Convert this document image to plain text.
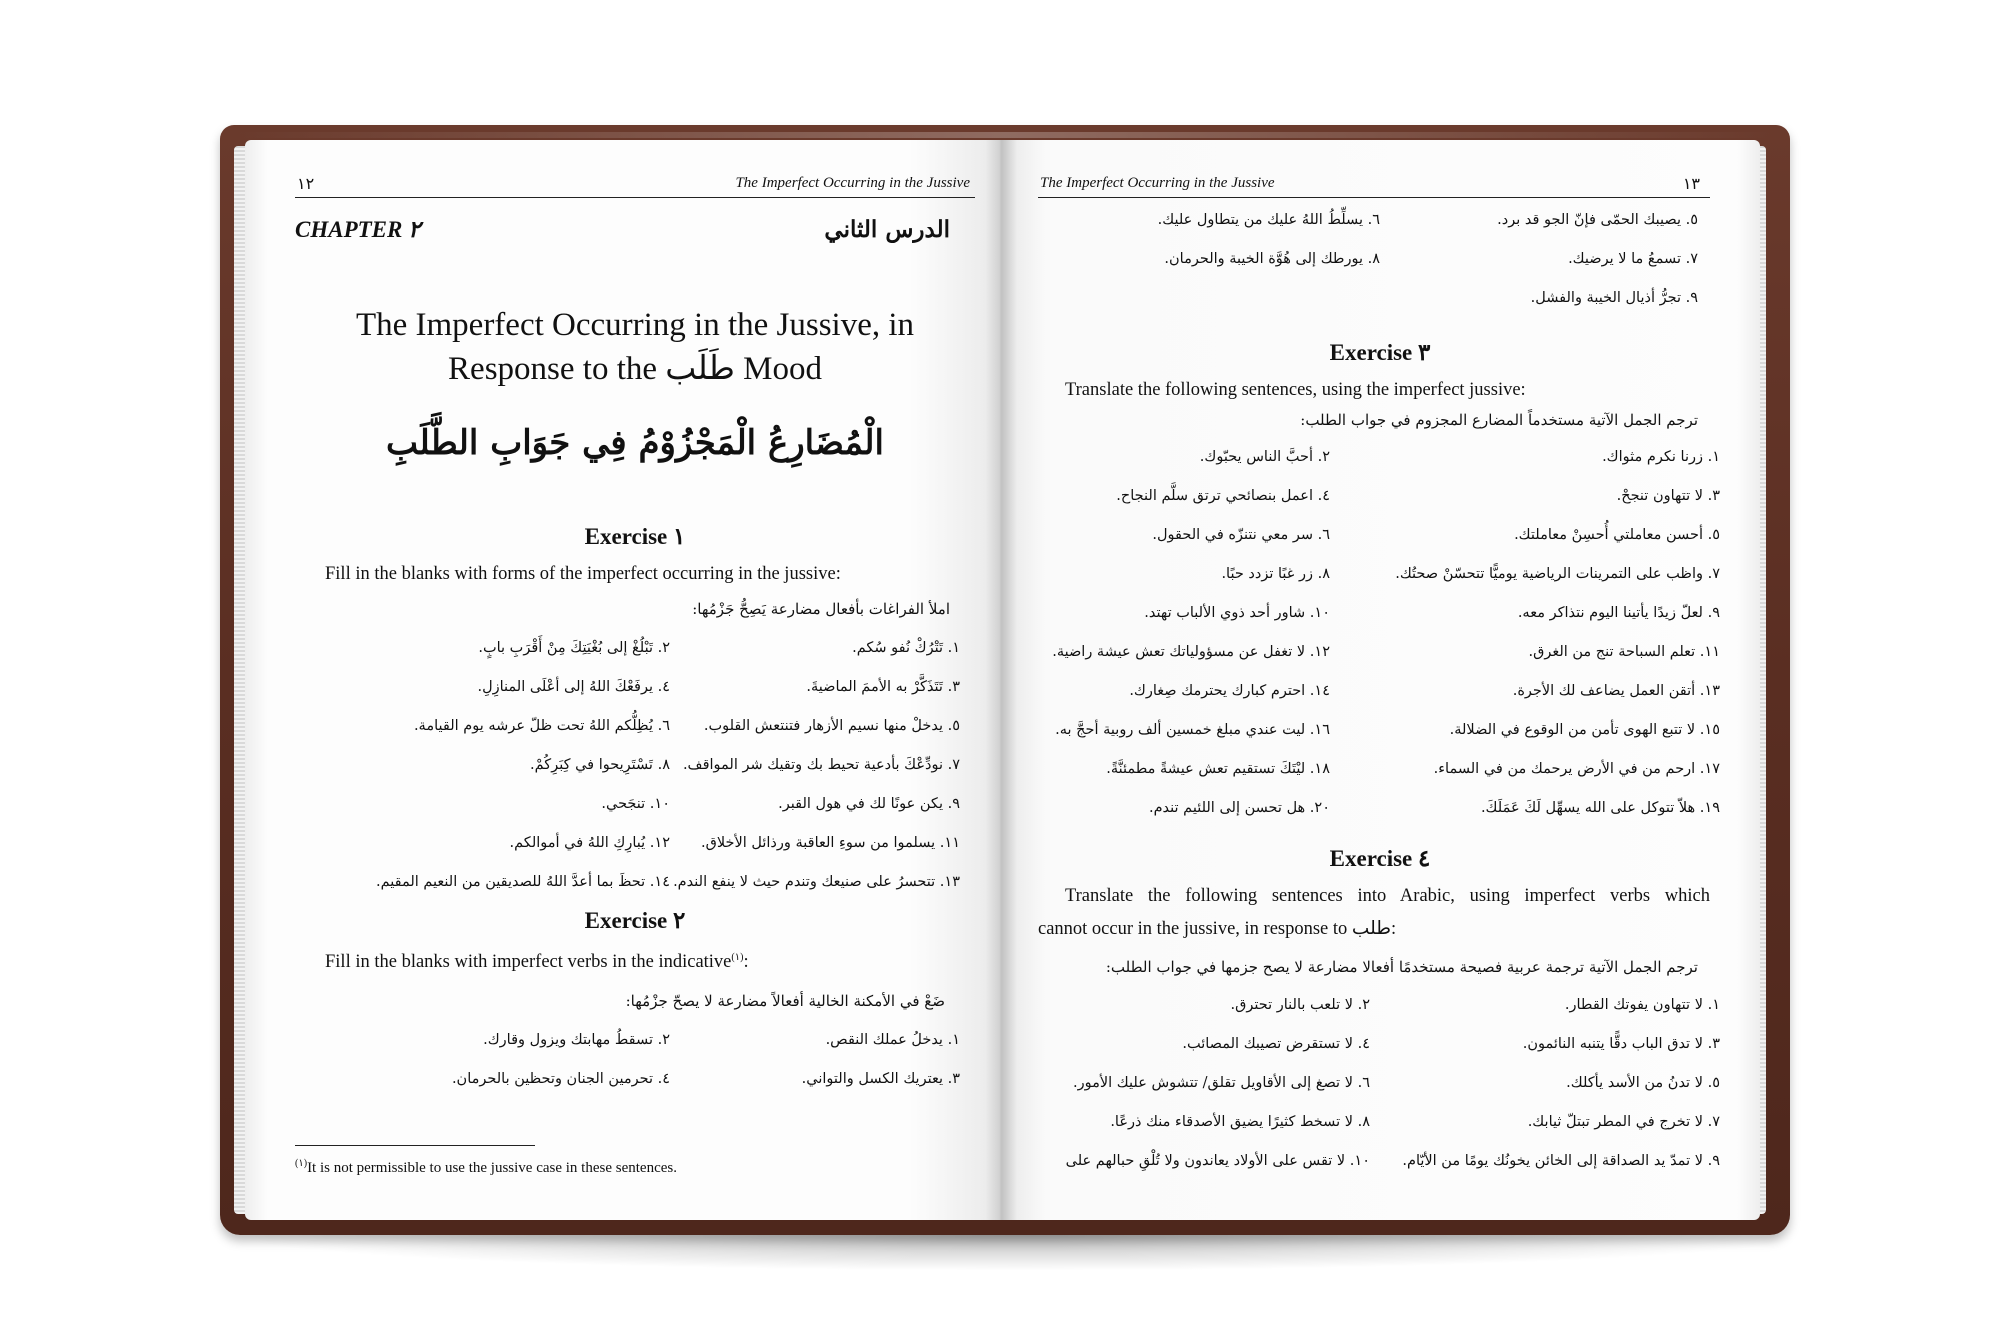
١٢	The Imperfect Occurring in the Jussive
CHAPTER ٢	الدرس الثاني
The Imperfect Occurring in the Jussive, in
Response to the طَلَب Mood
الْمُضَارِعُ الْمَجْزُوْمُ فِي جَوَابِ الطَّلَبِ
Exercise ١
Fill in the blanks with forms of the imperfect occurring in the jussive:
املأ الفراغات بأفعال مضارعة يَصِحُّ جَزْمُها:
١. تَتْرُكْ نُفو سُكم.
٢. تَبْلُغْ إلى بُغْيَتِكَ مِنْ أَقْرَبِ بابٍ.
٣. تَتَذَكَّرْ به الأممَ الماضيةَ.
٤. يرفَعْكَ اللهُ إلى أعْلَى المنازِلِ.
٥. يدخلْ منها نسيم الأزهار فتنتعش القلوب.
٦. يُظِلُّكم اللهُ تحت ظلّ عرشه يوم القيامة.
٧. نودِّعْكَ بأدعية تحيط بك وتقيك شر المواقف.
٨. تَسْتَرِيحوا في كِبَرِكُمْ.
٩. يكن عونًا لك في هول القبر.
١٠. تنجَحي.
١١. يسلموا من سوءِ العاقبة ورذائل الأخلاق.
١٢. يُبارِكِ اللهُ في أموالكم.
١٣. تتحسرُ على صنيعك وتندم حيث لا ينفع الندم.
١٤. تحظَ بما أعدَّ اللهُ للصديقين من النعيم المقيم.
Exercise ٢
Fill in the blanks with imperfect verbs in the indicative$^{(١)}$:
ضَعْ في الأمكنة الخالية أفعالاً مضارعة لا يصحّ جزْمُها:
١. يدخلُ عملك النقص.
٢. تسقطُ مهابتك ويزول وقارك.
٣. يعتريك الكسل والتواني.
٤. تحرمين الجنان وتحظين بالحرمان.
$^{(١)}$It is not permissible to use the jussive case in these sentences.
The Imperfect Occurring in the Jussive	١٣
٥. يصيبك الحمّى فإنّ الجو قد برد.
٦. يسلِّطُ اللهُ عليك من يتطاول عليك.
٧. تسمعُ ما لا يرضيك.
٨. يورطك إلى هُوَّة الخيبة والحرمان.
٩. تجرُّ أذيال الخيبة والفشل.
Exercise ٣
Translate the following sentences, using the imperfect jussive:
ترجم الجمل الآتية مستخدماً المضارع المجزوم في جواب الطلب:
١. زرنا نكرم مثواك.
٢. أحبَّ الناس يحبّوك.
٣. لا تتهاون تنجحْ.
٤. اعمل بنصائحي ترتق سلَّم النجاح.
٥. أحسن معاملتي أُحسِنْ معاملتك.
٦. سر معي نتنزّه في الحقول.
٧. واظب على التمرينات الرياضية يوميًّا تتحسّنْ صحتُك.
٨. زر غبًا تزدد حبًا.
٩. لعلّ زيدًا يأتينا اليوم نتذاكر معه.
١٠. شاور أحد ذوي الألباب تهتد.
١١. تعلم السباحة تنج من الغرق.
١٢. لا تغفل عن مسؤولياتك تعش عيشة راضية.
١٣. أتقن العمل يضاعف لك الأجرة.
١٤. احترم كبارك يحترمك صِغارك.
١٥. لا تتبع الهوى تأمن من الوقوع في الضلالة.
١٦. ليت عندي مبلغ خمسين ألف روبية أحجَّ به.
١٧. ارحم من في الأرض يرحمك من في السماء.
١٨. ليْتَكَ تستقيم تعش عيشةً مطمئنَّةً.
١٩. هلاّ تتوكل على الله يسهِّل لَكَ عَمَلَكَ.
٢٠. هل تحسن إلى اللئيم تندم.
Exercise ٤
Translate the following sentences into Arabic, using imperfect verbs which
cannot occur in the jussive, in response to طلب:
ترجم الجمل الآتية ترجمة عربية فصيحة مستخدمًا أفعالا مضارعة لا يصح جزمها في جواب الطلب:
١. لا تتهاون يفوتك القطار.
٢. لا تلعب بالنار تحترق.
٣. لا تدق الباب دقًّا يتنبه النائمون.
٤. لا تستقرض تصيبك المصائب.
٥. لا تدنُ من الأسد يأكلك.
٦. لا تصغ إلى الأقاويل تقلق/ تتشوش عليك الأمور.
٧. لا تخرج في المطر تبتلّ ثيابك.
٨. لا تسخط كثيرًا يضيق الأصدقاء منك ذرعًا.
٩. لا تمدّ يد الصداقة إلى الخائن يخونُك يومًا من الأيّام.
١٠. لا تقس على الأولاد يعاندون ولا تُلْقِ حبالهم على
